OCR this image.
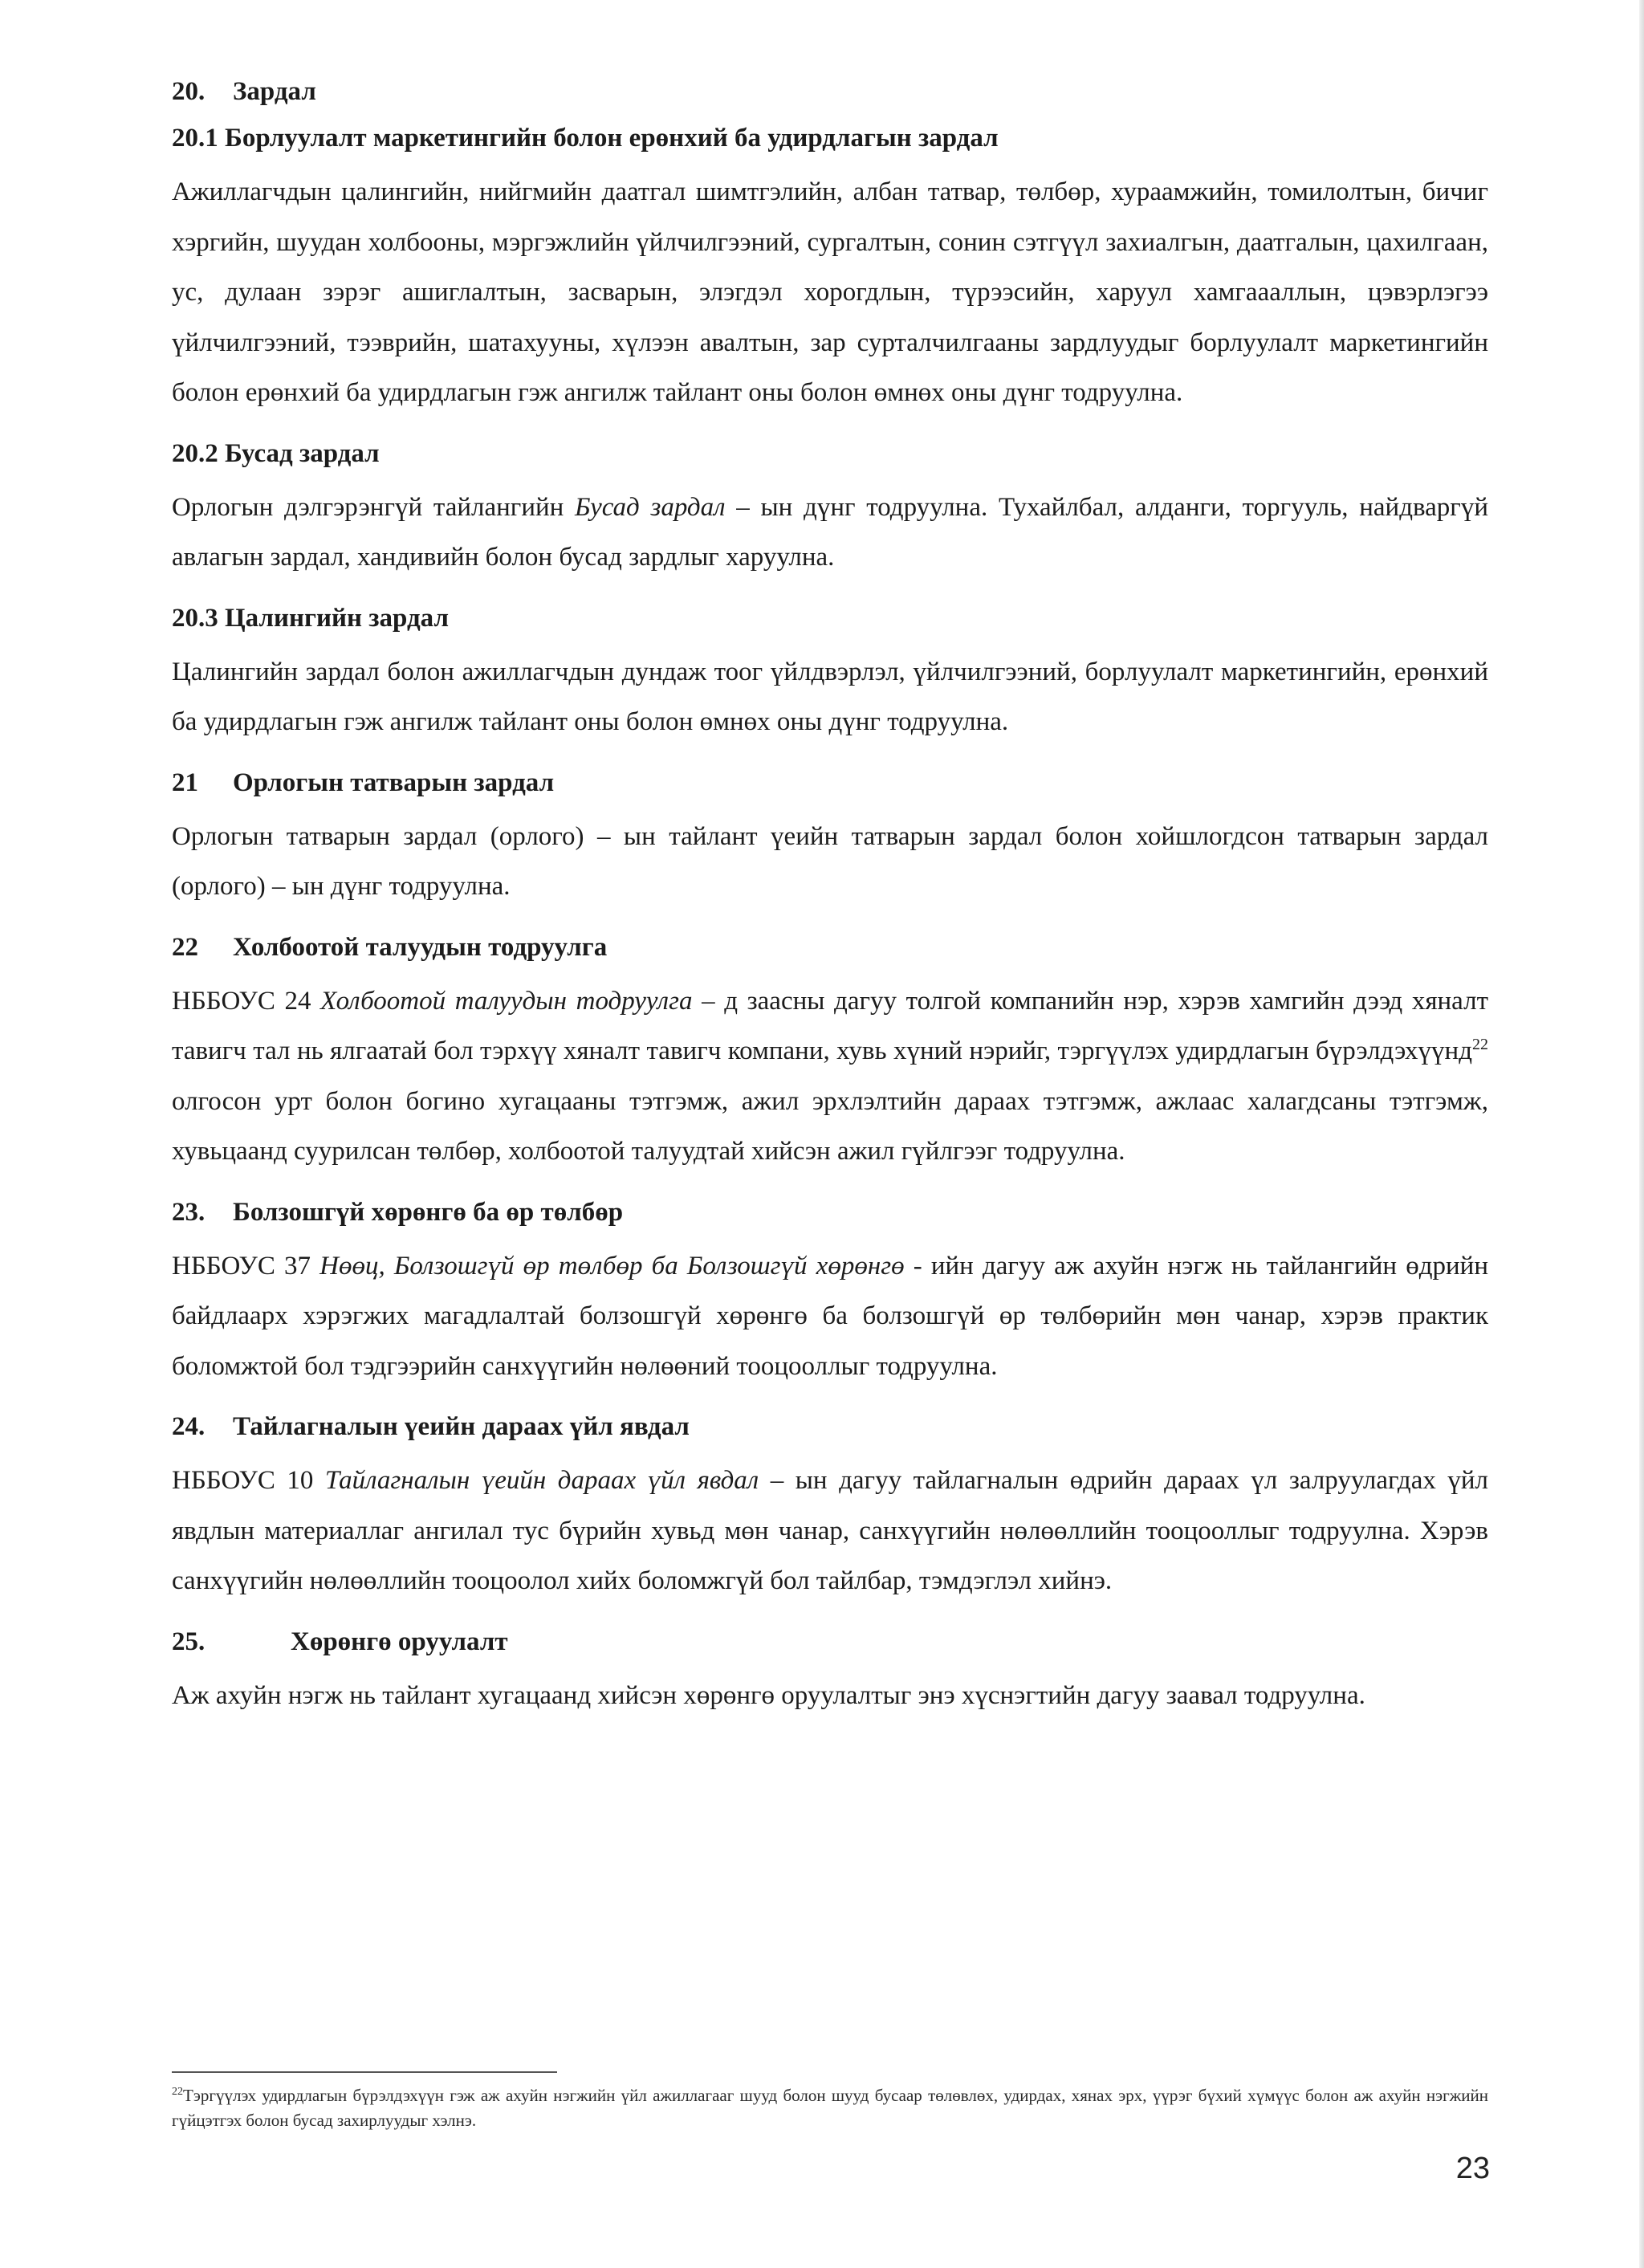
20. Зардал
20.1 Борлуулалт маркетингийн болон ерөнхий ба удирдлагын зардал

Ажиллагчдын цалингийн, нийгмийн даатгал шимтгэлийн, албан татвар, төлбөр, хураамжийн, томилолтын, бичиг хэргийн, шуудан холбооны, мэргэжлийн үйлчилгээний, сургалтын, сонин сэтгүүл захиалгын, даатгалын, цахилгаан, ус, дулаан зэрэг ашиглалтын, засварын, элэгдэл хорогдлын, түрээсийн, харуул хамгаааллын, цэвэрлэгээ үйлчилгээний, тээврийн, шатахууны, хүлээн авалтын, зар сурталчилгааны зардлуудыг борлуулалт маркетингийн болон ерөнхий ба удирдлагын гэж ангилж тайлант оны болон өмнөх оны дүнг тодруулна.

20.2 Бусад зардал

Орлогын дэлгэрэнгүй тайлангийн Бусад зардал – ын дүнг тодруулна. Тухайлбал, алданги, торгууль, найдваргүй авлагын зардал, хандивийн болон бусад зардлыг харуулна.

20.3 Цалингийн зардал

Цалингийн зардал болон ажиллагчдын дундаж тоог үйлдвэрлэл, үйлчилгээний, борлуулалт маркетингийн, ерөнхий ба удирдлагын гэж ангилж тайлант оны болон өмнөх оны дүнг тодруулна.

21 Орлогын татварын зардал

Орлогын татварын зардал (орлого) – ын тайлант үеийн татварын зардал болон хойшлогдсон татварын зардал (орлого) – ын дүнг тодруулна.

22 Холбоотой талуудын тодруулга

НББОУС 24 Холбоотой талуудын тодруулга – д заасны дагуу толгой компанийн нэр, хэрэв хамгийн дээд хяналт тавигч тал нь ялгаатай бол тэрхүү хяналт тавигч компани, хувь хүний нэрийг, тэргүүлэх удирдлагын бүрэлдэхүүнд$^{22}$ олгосон урт болон богино хугацааны тэтгэмж, ажил эрхлэлтийн дараах тэтгэмж, ажлаас халагдсаны тэтгэмж, хувьцаанд суурилсан төлбөр, холбоотой талуудтай хийсэн ажил гүйлгээг тодруулна.

23. Болзошгүй хөрөнгө ба өр төлбөр

НББОУС 37 Нөөц, Болзошгүй өр төлбөр ба Болзошгүй хөрөнгө - ийн дагуу аж ахуйн нэгж нь тайлангийн өдрийн байдлаарх хэрэгжих магадлалтай болзошгүй хөрөнгө ба болзошгүй өр төлбөрийн мөн чанар, хэрэв практик боломжтой бол тэдгээрийн санхүүгийн нөлөөний тооцооллыг тодруулна.

24. Тайлагналын үеийн дараах үйл явдал

НББОУС 10 Тайлагналын үеийн дараах үйл явдал – ын дагуу тайлагналын өдрийн дараах үл залруулагдах үйл явдлын материаллаг ангилал тус бүрийн хувьд мөн чанар, санхүүгийн нөлөөллийн тооцооллыг тодруулна. Хэрэв санхүүгийн нөлөөллийн тооцоолол хийх боломжгүй бол тайлбар, тэмдэглэл хийнэ.

25.	Хөрөнгө оруулалт

Аж ахуйн нэгж нь тайлант хугацаанд хийсэн хөрөнгө оруулалтыг энэ хүснэгтийн дагуу заавал тодруулна.

$^{22}$Тэргүүлэх удирдлагын бүрэлдэхүүн гэж аж ахуйн нэгжийн үйл ажиллагааг шууд болон шууд бусаар төлөвлөх, удирдах, хянах эрх, үүрэг бүхий хүмүүс болон аж ахуйн нэгжийн гүйцэтгэх болон бусад захирлуудыг хэлнэ.
23
